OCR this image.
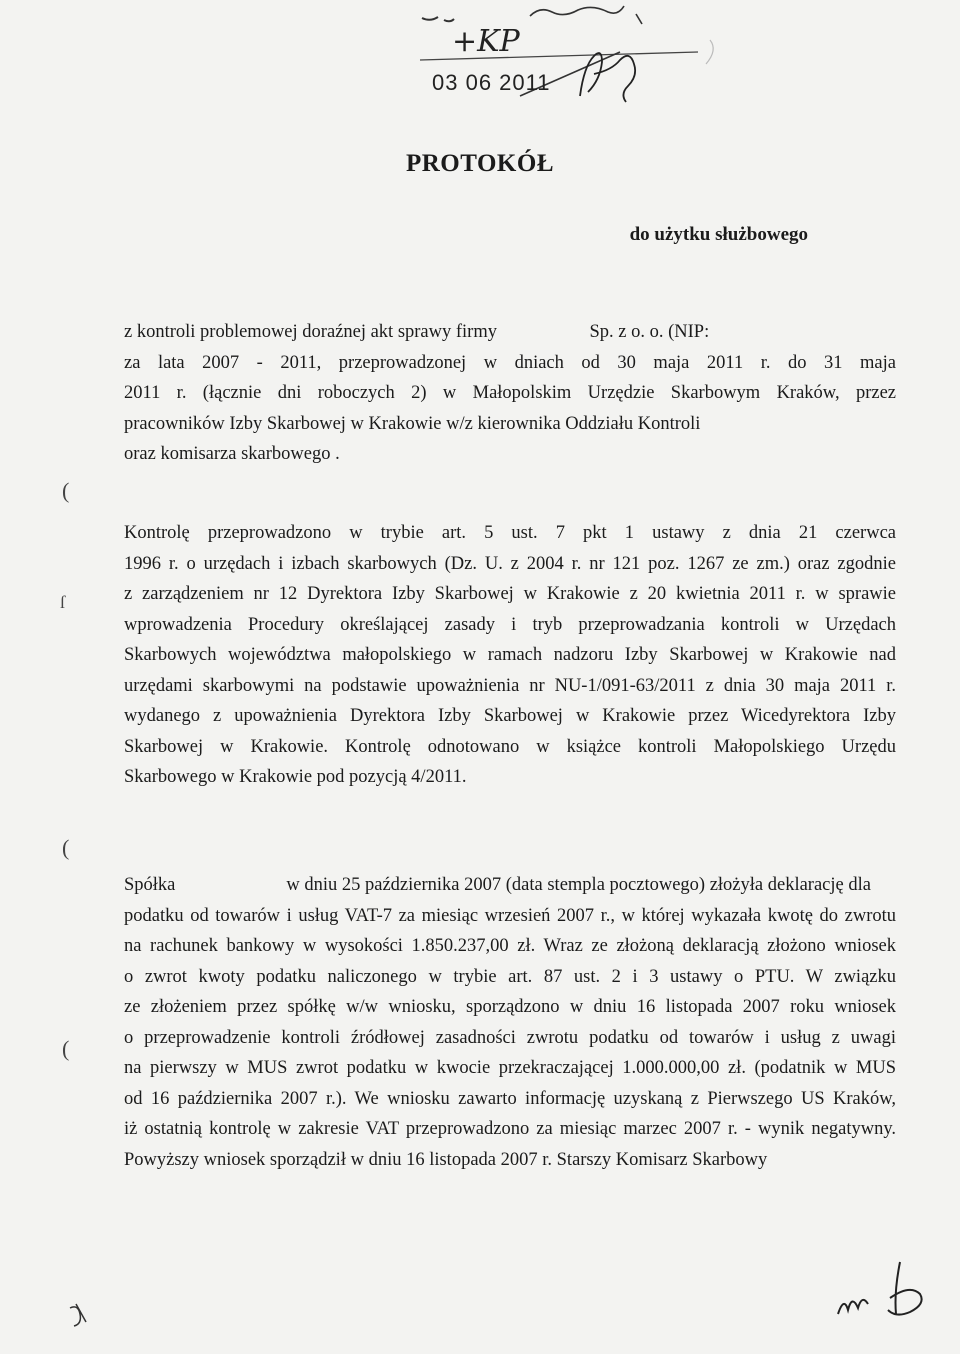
+KP
03 06 2011
PROTOKÓŁ
do użytku służbowego
z kontroli problemowej doraźnej akt sprawy firmy                    Sp. z o. o. (NIP:
za lata 2007 - 2011, przeprowadzonej w dniach od 30 maja 2011 r. do 31 maja
2011 r. (łącznie dni roboczych 2) w Małopolskim Urzędzie Skarbowym Kraków, przez
pracowników Izby Skarbowej w Krakowie w/z kierownika Oddziału Kontroli
oraz komisarza skarbowego .
Kontrolę przeprowadzono w trybie art. 5 ust. 7 pkt 1 ustawy z dnia 21 czerwca
1996 r. o urzędach i izbach skarbowych (Dz. U. z 2004 r. nr 121 poz. 1267 ze zm.) oraz zgodnie
z zarządzeniem nr 12 Dyrektora Izby Skarbowej w Krakowie z 20 kwietnia 2011 r. w sprawie
wprowadzenia Procedury określającej zasady i tryb przeprowadzania kontroli w Urzędach
Skarbowych województwa małopolskiego w ramach nadzoru Izby Skarbowej w Krakowie nad
urzędami skarbowymi na podstawie upoważnienia nr NU-1/091-63/2011 z dnia 30 maja 2011 r.
wydanego z upoważnienia Dyrektora Izby Skarbowej w Krakowie przez Wicedyrektora Izby
Skarbowej w Krakowie. Kontrolę odnotowano w książce kontroli Małopolskiego Urzędu
Skarbowego w Krakowie pod pozycją 4/2011.
Spółka                        w dniu 25 października 2007 (data stempla pocztowego) złożyła deklarację dla
podatku od towarów i usług VAT-7 za miesiąc wrzesień 2007 r., w której wykazała kwotę do zwrotu
na rachunek bankowy w wysokości 1.850.237,00 zł. Wraz ze złożoną deklaracją złożono wniosek
o zwrot kwoty podatku naliczonego w trybie art. 87 ust. 2 i 3 ustawy o PTU. W związku
ze złożeniem przez spółkę w/w wniosku, sporządzono w dniu 16 listopada 2007 roku wniosek
o przeprowadzenie kontroli źródłowej zasadności zwrotu podatku od towarów i usług z uwagi
na pierwszy w MUS zwrot podatku w kwocie przekraczającej 1.000.000,00 zł. (podatnik w MUS
od 16 października 2007 r.). We wniosku zawarto informację uzyskaną z Pierwszego US Kraków,
iż ostatnią kontrolę w zakresie VAT przeprowadzono za miesiąc marzec 2007 r. - wynik negatywny.
Powyższy wniosek sporządził w dniu 16 listopada 2007 r. Starszy Komisarz Skarbowy
(
(
(
ſ
